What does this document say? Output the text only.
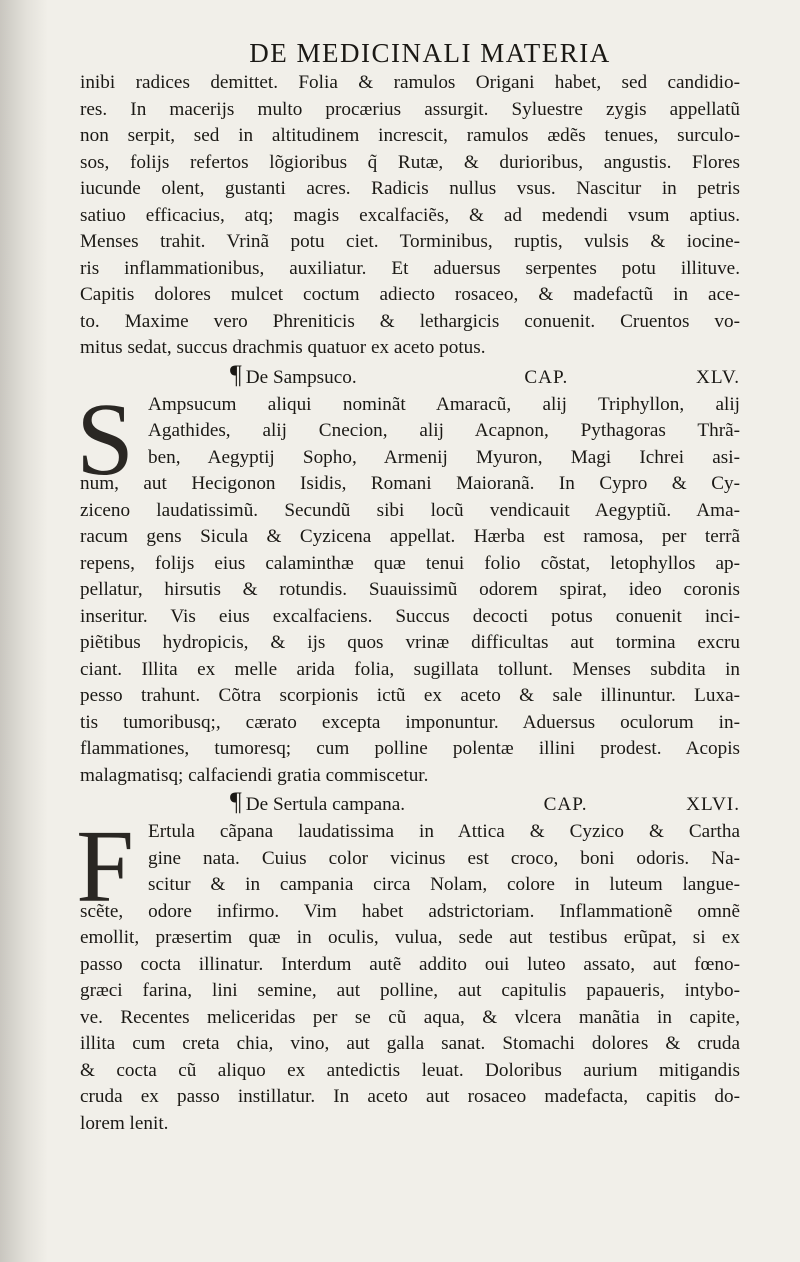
DE MEDICINALI MATERIA
inibi radices demittet. Folia & ramulos Origani habet, sed candidio-
res. In macerijs multo procærius assurgit. Syluestre zygis appellatũ
non serpit, sed in altitudinem increscit, ramulos ædẽs tenues, surculo-
sos, folijs refertos lõgioribus q̃ Rutæ, & durioribus, angustis. Flores
iucunde olent, gustanti acres. Radicis nullus vsus. Nascitur in petris
satiuo efficacius, atq; magis excalfaciẽs, & ad medendi vsum aptius.
Menses trahit. Vrinã potu ciet. Torminibus, ruptis, vulsis & iocine-
ris inflammationibus, auxiliatur. Et aduersus serpentes potu illituve.
Capitis dolores mulcet coctum adiecto rosaceo, & madefactũ in ace-
to. Maxime vero Phreniticis & lethargicis conuenit. Cruentos vo-
mitus sedat, succus drachmis quatuor ex aceto potus.
¶ De Sampsuco.	CAP.	XLV.
S Ampsucum aliqui nominãt Amaracũ, alij Triphyllon, alij
Agathides, alij Cnecion, alij Acapnon, Pythagoras Thrã-
ben, Aegyptij Sopho, Armenij Myuron, Magi Ichrei asi-
num, aut Hecigonon Isidis, Romani Maioranã. In Cypro & Cy-
ziceno laudatissimũ. Secundũ sibi locũ vendicauit Aegyptiũ. Ama-
racum gens Sicula & Cyzicena appellat. Hærba est ramosa, per terrã
repens, folijs eius calaminthæ quæ tenui folio cõstat, letophyllos ap-
pellatur, hirsutis & rotundis. Suauissimũ odorem spirat, ideo coronis
inseritur. Vis eius excalfaciens. Succus decocti potus conuenit inci-
piẽtibus hydropicis, & ijs quos vrinæ difficultas aut tormina excru
ciant. Illita ex melle arida folia, sugillata tollunt. Menses subdita in
pesso trahunt. Cõtra scorpionis ictũ ex aceto & sale illinuntur. Luxa-
tis tumoribusq;, cærato excepta imponuntur. Aduersus oculorum in-
flammationes, tumoresq; cum polline polentæ illini prodest. Acopis
malagmatisq; calfaciendi gratia commiscetur.
¶ De Sertula campana.	CAP.	XLVI.
F Ertula cãpana laudatissima in Attica & Cyzico & Cartha
gine nata. Cuius color vicinus est croco, boni odoris. Na-
scitur & in campania circa Nolam, colore in luteum langue-
scẽte, odore infirmo. Vim habet adstrictoriam. Inflammationẽ omnẽ
emollit, præsertim quæ in oculis, vulua, sede aut testibus erũpat, si ex
passo cocta illinatur. Interdum autẽ addito oui luteo assato, aut fœno-
græci farina, lini semine, aut polline, aut capitulis papaueris, intybo-
ve. Recentes meliceridas per se cũ aqua, & vlcera manãtia in capite,
illita cum creta chia, vino, aut galla sanat. Stomachi dolores & cruda
& cocta cũ aliquo ex antedictis leuat. Doloribus aurium mitigandis
cruda ex passo instillatur. In aceto aut rosaceo madefacta, capitis do-
lorem lenit.
